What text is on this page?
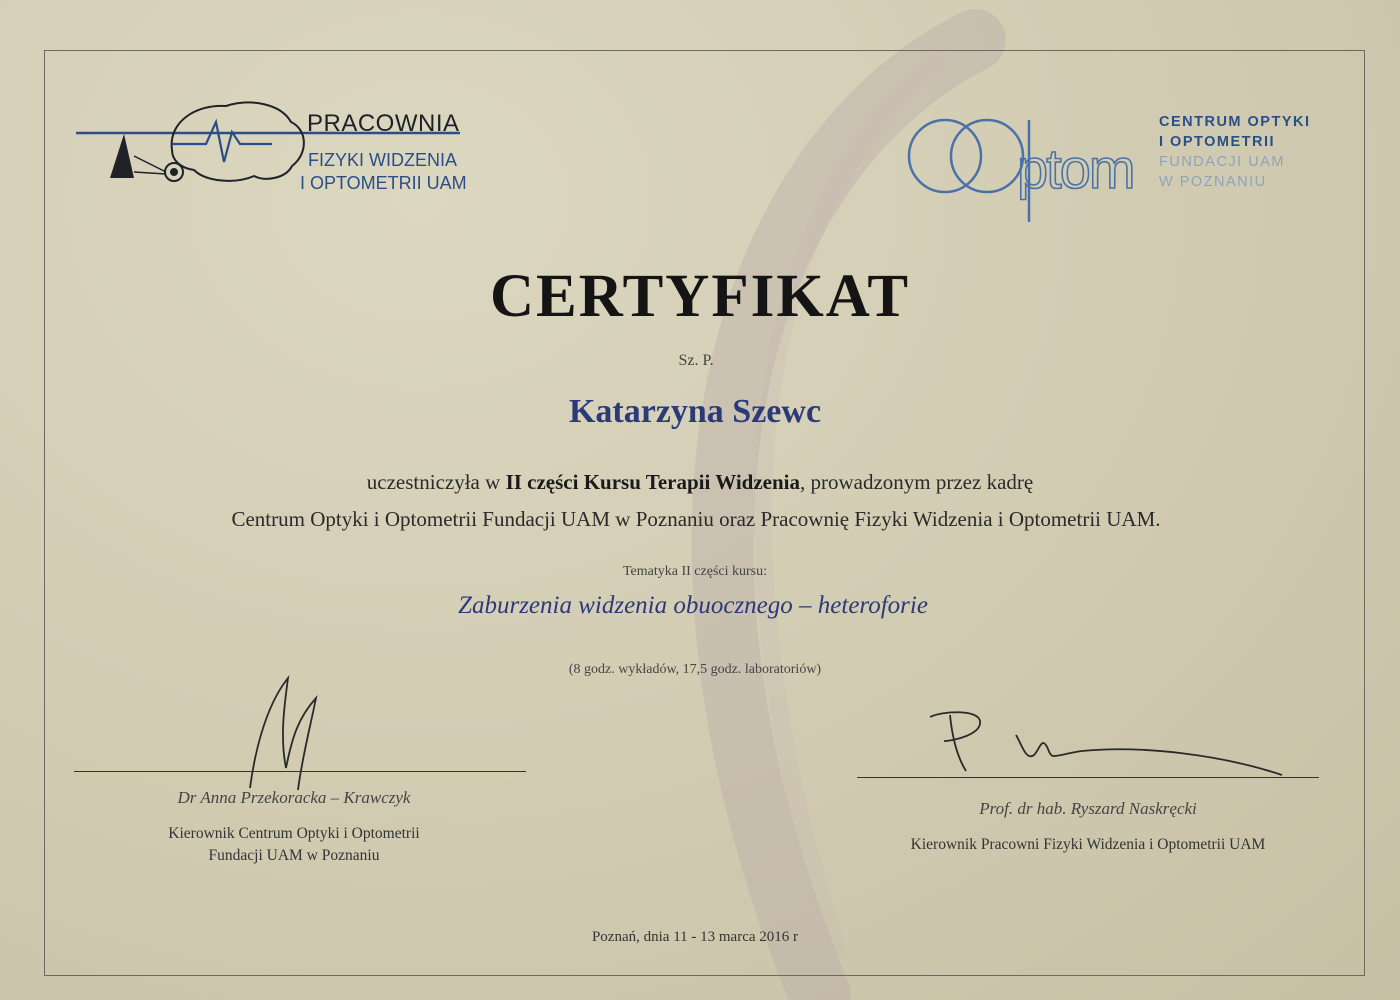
PRACOWNIA
FIZYKI WIDZENIA
I OPTOMETRII UAM	ptom
CENTRUM OPTYKI
I OPTOMETRII
FUNDACJI UAM
W POZNANIU
CERTYFIKAT
Sz. P.
Katarzyna Szewc
uczestniczyła w II części Kursu Terapii Widzenia, prowadzonym przez kadrę
Centrum Optyki i Optometrii Fundacji UAM w Poznaniu oraz Pracownię Fizyki Widzenia i Optometrii UAM.
Tematyka II części kursu:
Zaburzenia widzenia obuocznego – heteroforie
(8 godz. wykładów, 17,5 godz. laboratoriów)
Dr Anna Przekoracka – Krawczyk
Kierownik Centrum Optyki i Optometrii
Fundacji UAM w Poznaniu
Prof. dr hab. Ryszard Naskręcki
Kierownik Pracowni Fizyki Widzenia i Optometrii UAM
Poznań, dnia 11 - 13 marca 2016 r
